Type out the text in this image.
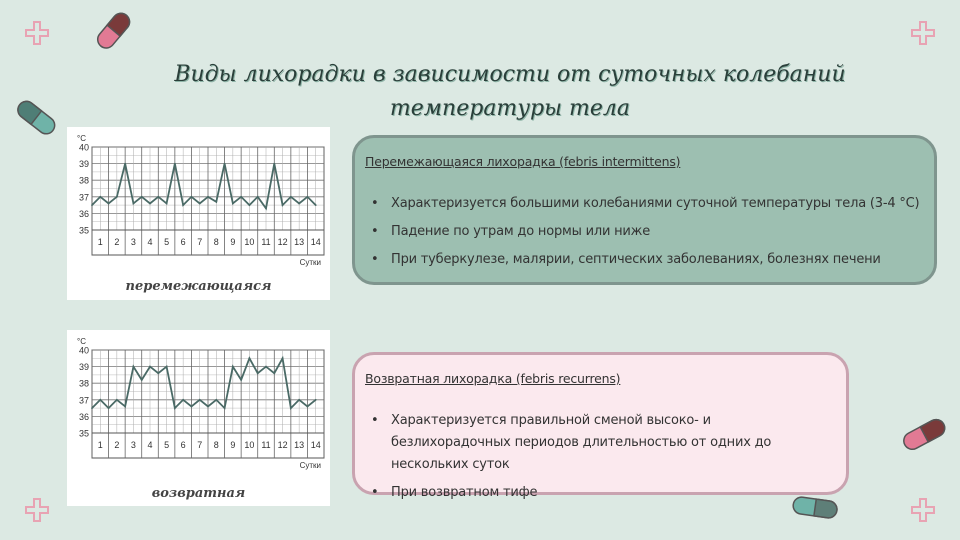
Виды лихорадки в зависимости от суточных колебаний температуры тела
40
39
38
37
36
35
°С
1 2 3 4 5 6 7 8 9 10 11 12 13 14
Сутки
перемежающаяся
40
39
38
37
36
35
°С
1 2 3 4 5 6 7 8 9 10 11 12 13 14
Сутки
возвратная
Перемежающаяся лихорадка (febris intermittens)
• Характеризуется большими колебаниями суточной температуры тела (3-4 °С)
• Падение по утрам до нормы или ниже
• При туберкулезе, малярии, септических заболеваниях, болезнях печени
Возвратная лихорадка (febris recurrens)
• Характеризуется правильной сменой высоко- и безлихорадочных периодов длительностью от одних до нескольких суток
• При возвратном тифе
